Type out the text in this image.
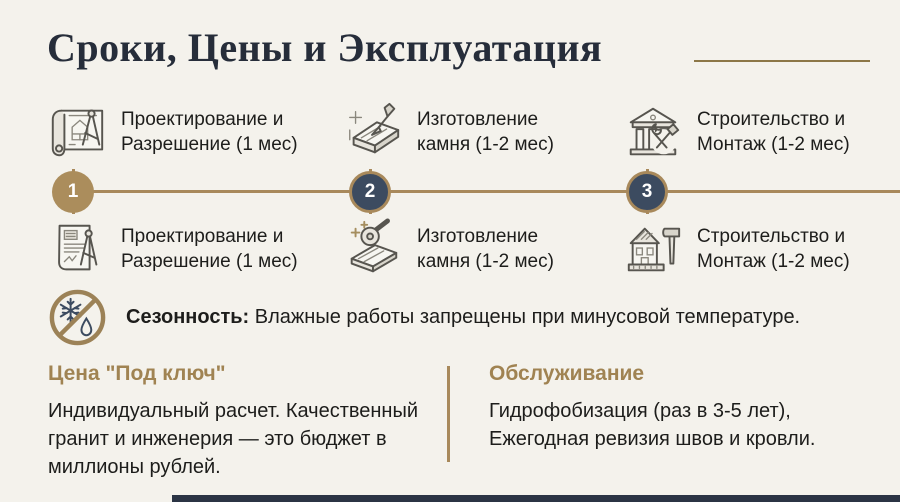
Сроки, Цены и Эксплуатация
Проектирование и
Разрешение (1 мес)
Изготовление
камня (1-2 мес)
Строительство и
Монтаж (1-2 мес)
1	2	3
Проектирование и
Разрешение (1 мес)
Изготовление
камня (1-2 мес)
Строительство и
Монтаж (1-2 мес)
Сезонность: Влажные работы запрещены при минусовой температуре.

Цена "Под ключ"

Индивидуальный расчет. Качественный
гранит и инженерия — это бюджет в
миллионы рублей.

Обслуживание

Гидрофобизация (раз в 3-5 лет),
Ежегодная ревизия швов и кровли.
